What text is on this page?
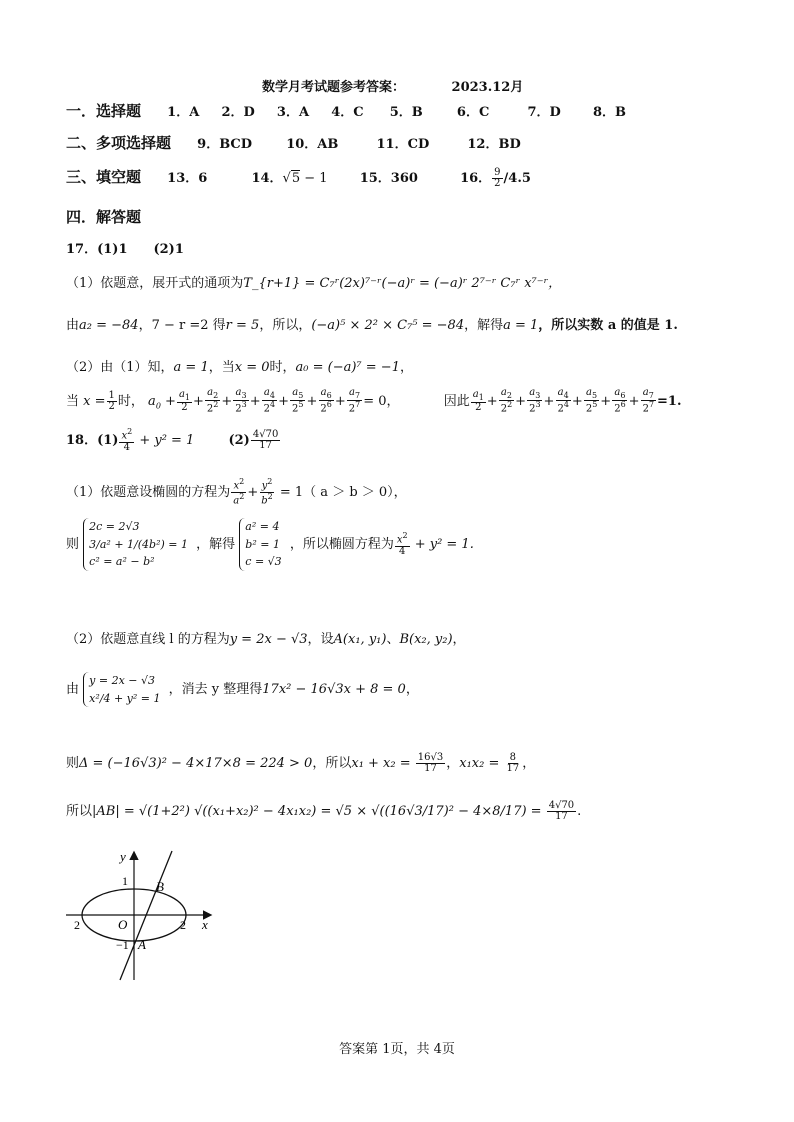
数学月考试题参考答案：	2023.12月
一．选择题 1．A 2．D 3．A 4．C 5．B	6．C	7．D 8．B
二、多项选择题 9．BCD	10．AB	11．CD	12．BD
三、填空题 13．6	14．√5 − 1 15．360	16． $\frac{9}{2} /4.5$
四．解答题
17．(1)1　　(2)1
（1）依题意，展开式的通项为T_{r+1} = C₇ʳ(2x)⁷⁻ʳ(−a)ʳ = (−a)ʳ 2⁷⁻ʳ C₇ʳ x⁷⁻ʳ，
由a₂ = −84，7 − r =2 得r = 5，所以，(−a)⁵ × 2² × C₇⁵ = −84，解得a = 1，所以实数 a 的值是 1.
（2）由（1）知，a = 1，当x = 0时，a₀ = (−a)⁷ = −1，
当 $x = \frac{1}{2}$ 时， $a_0 + \frac{a_1}{2} + \frac{a_2}{2^2} + \frac{a_3}{2^3} + \frac{a_4}{2^4} + \frac{a_5}{2^5} + \frac{a_6}{2^6} + \frac{a_7}{2^7} = 0$，	因此 $\frac{a_1}{2} + \frac{a_2}{2^2} + \frac{a_3}{2^3} + \frac{a_4}{2^4} + \frac{a_5}{2^5} + \frac{a_6}{2^6} + \frac{a_7}{2^7} =1$.
18．$(1) \frac{x^2}{4} + y^2 = 1$	$(2) \frac{4√70}{17}$
（1）依题意设椭圆的方程为 $\frac{x^2}{a^2} + \frac{y^2}{b^2} = 1$（ a ＞ b ＞ 0），
则
2c = 2√3
3/a² + 1/(4b²) = 1
c² = a² − b²
，解得
a² = 4
b² = 1
c = √3
，所以椭圆方程为 $\frac{x^2}{4} + y^2 = 1$.
（2）依题意直线 l 的方程为y = 2x − √3，设A(x₁, y₁)、B(x₂, y₂)，
由
y = 2x − √3
x²/4 + y² = 1
，消去 y 整理得17x² − 16√3x + 8 = 0，
则Δ = (−16√3)² − 4×17×8 = 224 > 0，所以$x_1 + x_2 = \frac{16√3}{17}$ ，$x_1x_2 = \frac{8}{17}$ ，
所以|AB| = √(1+2²) $√((x_1+x_2)^2 - 4x_1x_2) = √5 \times √((16√3/17)^2 - 4\times 8/17) = \frac{4√70}{17}$ .
y
x
O
1
−1
2	2
B
A
答案第 1页，共 4页
